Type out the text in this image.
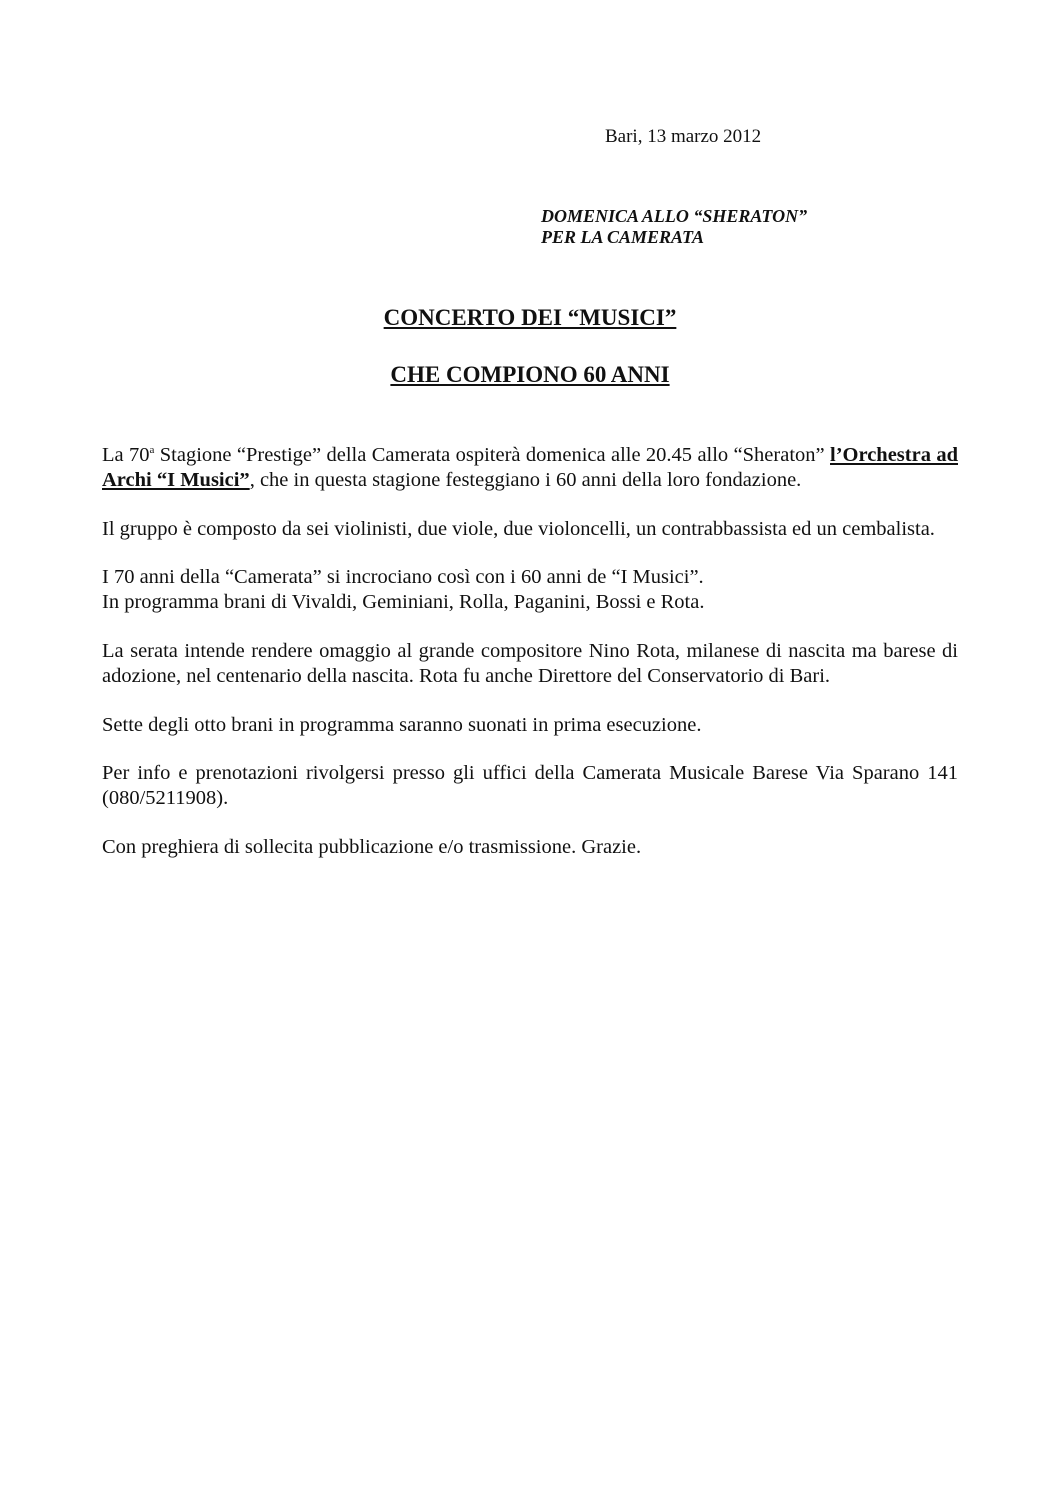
Bari, 13 marzo 2012
DOMENICA ALLO “SHERATON”
PER LA CAMERATA
CONCERTO DEI “MUSICI”
CHE COMPIONO 60 ANNI

La 70$^a$ Stagione “Prestige” della Camerata ospiterà domenica alle 20.45 allo “Sheraton” l’Orchestra ad Archi “I Musici”, che in questa stagione festeggiano i 60 anni della loro fondazione.

Il gruppo è composto da sei violinisti, due viole, due violoncelli, un contrabbassista ed un cembalista.

I 70 anni della “Camerata” si incrociano così con i 60 anni de “I Musici”.
In programma brani di Vivaldi, Geminiani, Rolla, Paganini, Bossi e Rota.

La serata intende rendere omaggio al grande compositore Nino Rota, milanese di nascita ma barese di adozione, nel centenario della nascita. Rota fu anche Direttore del Conservatorio di Bari.

Sette degli otto brani in programma saranno suonati in prima esecuzione.

Per info e prenotazioni rivolgersi presso gli uffici della Camerata Musicale Barese Via Sparano 141 (080/5211908).

Con preghiera di sollecita pubblicazione e/o trasmissione. Grazie.
